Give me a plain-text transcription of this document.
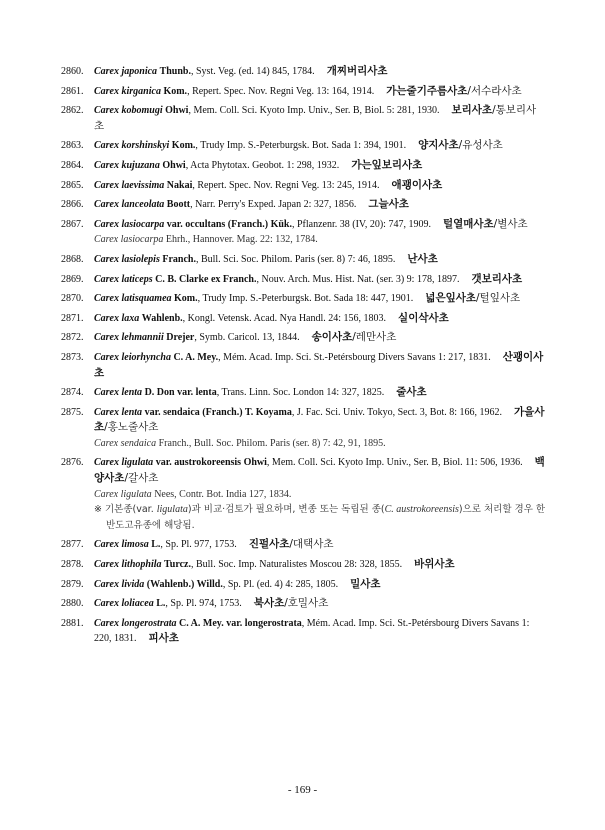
2860. Carex japonica Thunb., Syst. Veg. (ed. 14) 845, 1784. 개찌버리사초
2861. Carex kirganica Kom., Repert. Spec. Nov. Regni Veg. 13: 164, 1914. 가는줄기주름사초/서수라사초
2862. Carex kobomugi Ohwi, Mem. Coll. Sci. Kyoto Imp. Univ., Ser. B, Biol. 5: 281, 1930. 보리사초/통보리사초
2863. Carex korshinskyi Kom., Trudy Imp. S.-Peterburgsk. Bot. Sada 1: 394, 1901. 양지사초/유성사초
2864. Carex kujuzana Ohwi, Acta Phytotax. Geobot. 1: 298, 1932. 가는잎보리사초
2865. Carex laevissima Nakai, Repert. Spec. Nov. Regni Veg. 13: 245, 1914. 애괭이사초
2866. Carex lanceolata Boott, Narr. Perry's Exped. Japan 2: 327, 1856. 그늘사초
2867. Carex lasiocarpa var. occultans (Franch.) Kük., Pflanzenr. 38 (IV, 20): 747, 1909. 털열매사초/별사초
Carex lasiocarpa Ehrh., Hannover. Mag. 22: 132, 1784.
2868. Carex lasiolepis Franch., Bull. Sci. Soc. Philom. Paris (ser. 8) 7: 46, 1895. 난사초
2869. Carex laticeps C. B. Clarke ex Franch., Nouv. Arch. Mus. Hist. Nat. (ser. 3) 9: 178, 1897. 갯보리사초
2870. Carex latisquamea Kom., Trudy Imp. S.-Peterburgsk. Bot. Sada 18: 447, 1901. 넓은잎사초/털잎사초
2871. Carex laxa Wahlenb., Kongl. Vetensk. Acad. Nya Handl. 24: 156, 1803. 실이삭사초
2872. Carex lehmannii Drejer, Symb. Caricol. 13, 1844. 송이사초/레만사초
2873. Carex leiorhyncha C. A. Mey., Mém. Acad. Imp. Sci. St.-Petérsbourg Divers Savans 1: 217, 1831. 산괭이사초
2874. Carex lenta D. Don var. lenta, Trans. Linn. Soc. London 14: 327, 1825. 줄사초
2875. Carex lenta var. sendaica (Franch.) T. Koyama, J. Fac. Sci. Univ. Tokyo, Sect. 3, Bot. 8: 166, 1962. 가을사초/홍노줄사초
Carex sendaica Franch., Bull. Soc. Philom. Paris (ser. 8) 7: 42, 91, 1895.
2876. Carex ligulata var. austrokoreensis Ohwi, Mem. Coll. Sci. Kyoto Imp. Univ., Ser. B, Biol. 11: 506, 1936. 백양사초/갈사초
Carex ligulata Nees, Contr. Bot. India 127, 1834.
※ 기본종(var. ligulata)과 비교·검토가 필요하며, 변종 또는 독립된 종(C. austrokoreensis)으로 처리할 경우 한반도고유종에 해당됨.
2877. Carex limosa L., Sp. Pl. 977, 1753. 진펄사초/대택사초
2878. Carex lithophila Turcz., Bull. Soc. Imp. Naturalistes Moscou 28: 328, 1855. 바위사초
2879. Carex livida (Wahlenb.) Willd., Sp. Pl. (ed. 4) 4: 285, 1805. 밀사초
2880. Carex loliacea L., Sp. Pl. 974, 1753. 북사초/호밀사초
2881. Carex longerostrata C. A. Mey. var. longerostrata, Mém. Acad. Imp. Sci. St.-Petérsbourg Divers Savans 1: 220, 1831. 피사초
- 169 -
